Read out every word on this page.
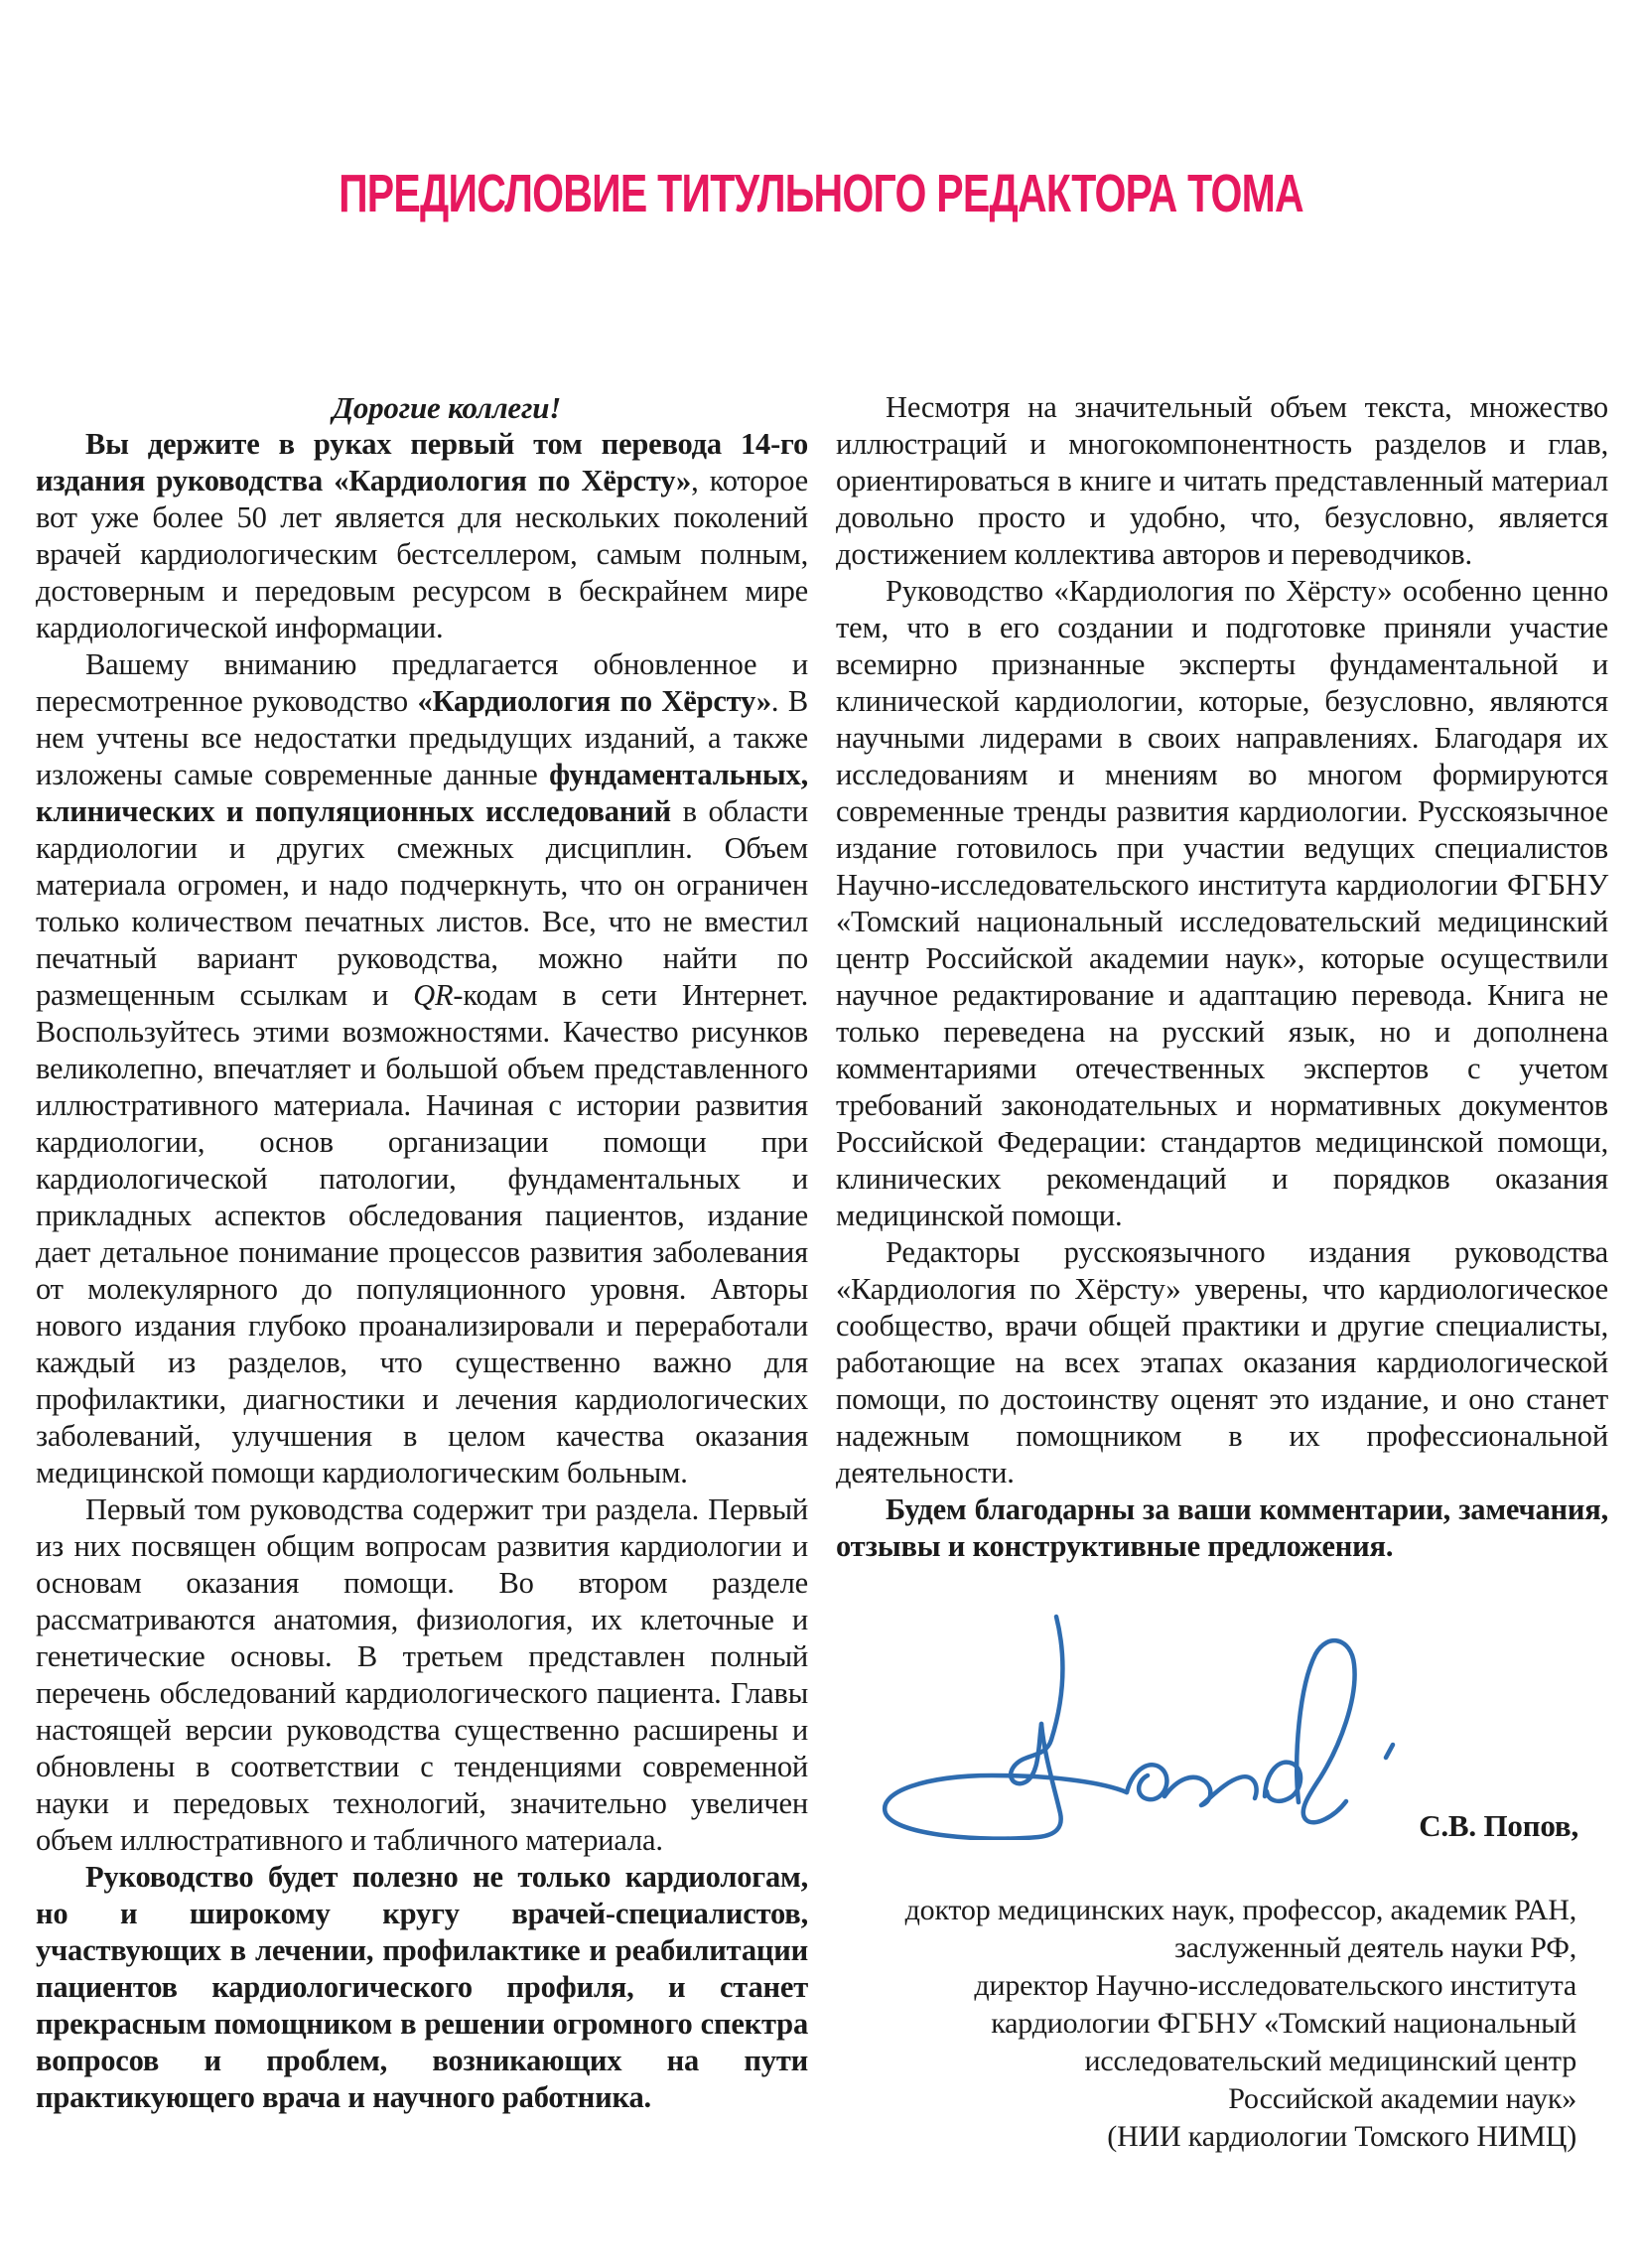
ПРЕДИСЛОВИЕ ТИТУЛЬНОГО РЕДАКТОРА ТОМА

Дорогие коллеги!

Вы держите в руках первый том перевода 14-го издания руководства «Кардиология по Хёрсту», которое вот уже более 50 лет является для нескольких поколений врачей кардиологическим бестселлером, самым полным, достоверным и передовым ресурсом в бескрайнем мире кардиологической информации.

Вашему вниманию предлагается обновленное и пересмотренное руководство «Кардиология по Хёрсту». В нем учтены все недостатки предыдущих изданий, а также изложены самые современные данные фундаментальных, клинических и популяционных исследований в области кардиологии и других смежных дисциплин. Объем материала огромен, и надо подчеркнуть, что он ограничен только количеством печатных листов. Все, что не вместил печатный вариант руководства, можно найти по размещенным ссылкам и QR-кодам в сети Интернет. Воспользуйтесь этими возможностями. Качество рисунков великолепно, впечатляет и большой объем представленного иллюстративного материала. Начиная с истории развития кардиологии, основ организации помощи при кардиологической патологии, фундаментальных и прикладных аспектов обследования пациентов, издание дает детальное понимание процессов развития заболевания от молекулярного до популяционного уровня. Авторы нового издания глубоко проанализировали и переработали каждый из разделов, что существенно важно для профилактики, диагностики и лечения кардиологических заболеваний, улучшения в целом качества оказания медицинской помощи кардиологическим больным.

Первый том руководства содержит три раздела. Первый из них посвящен общим вопросам развития кардиологии и основам оказания помощи. Во втором разделе рассматриваются анатомия, физиология, их клеточные и генетические основы. В третьем представлен полный перечень обследований кардиологического пациента. Главы настоящей версии руководства существенно расширены и обновлены в соответствии с тенденциями современной науки и передовых технологий, значительно увеличен объем иллюстративного и табличного материала.

Руководство будет полезно не только кардиологам, но и широкому кругу врачей-специалистов, участвующих в лечении, профилактике и реабилитации пациентов кардиологического профиля, и станет прекрасным помощником в решении огромного спектра вопросов и проблем, возникающих на пути практикующего врача и научного работника.

Несмотря на значительный объем текста, множество иллюстраций и многокомпонентность разделов и глав, ориентироваться в книге и читать представленный материал довольно просто и удобно, что, безусловно, является достижением коллектива авторов и переводчиков.

Руководство «Кардиология по Хёрсту» особенно ценно тем, что в его создании и подготовке приняли участие всемирно признанные эксперты фундаментальной и клинической кардиологии, которые, безусловно, являются научными лидерами в своих направлениях. Благодаря их исследованиям и мнениям во многом формируются современные тренды развития кардиологии. Русскоязычное издание готовилось при участии ведущих специалистов Научно-исследовательского института кардиологии ФГБНУ «Томский национальный исследовательский медицинский центр Российской академии наук», которые осуществили научное редактирование и адаптацию перевода. Книга не только переведена на русский язык, но и дополнена комментариями отечественных экспертов с учетом требований законодательных и нормативных документов Российской Федерации: стандартов медицинской помощи, клинических рекомендаций и порядков оказания медицинской помощи.

Редакторы русскоязычного издания руководства «Кардиология по Хёрсту» уверены, что кардиологическое сообщество, врачи общей практики и другие специалисты, работающие на всех этапах оказания кардиологической помощи, по достоинству оценят это издание, и оно станет надежным помощником в их профессиональной деятельности.

Будем благодарны за ваши комментарии, замечания, отзывы и конструктивные предложения.

С.В. Попов,
доктор медицинских наук, профессор, академик РАН,
заслуженный деятель науки РФ,
директор Научно-исследовательского института
кардиологии ФГБНУ «Томский национальный
исследовательский медицинский центр
Российской академии наук»
(НИИ кардиологии Томского НИМЦ)
